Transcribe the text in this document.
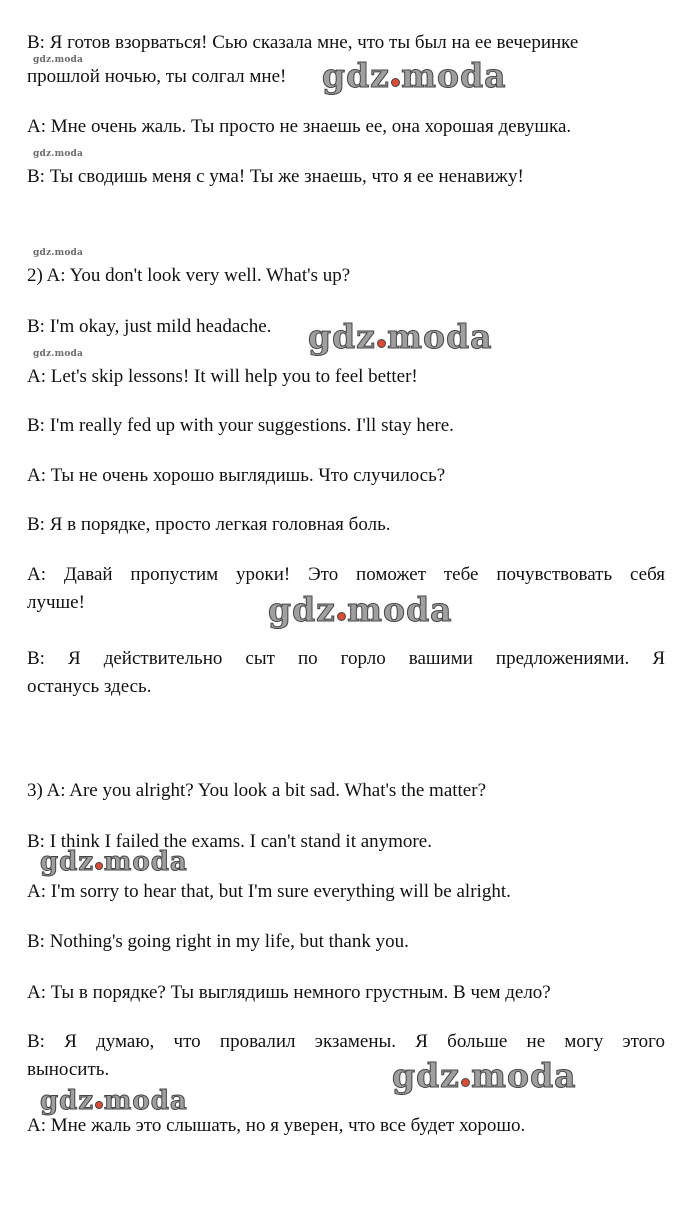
B: Я готов взорваться! Сью сказала мне, что ты был на ее вечеринке
gdz.moda
прошлой ночью, ты солгал мне! gdz moda
A: Мне очень жаль. Ты просто не знаешь ее, она хорошая девушка.
gdz.moda
B: Ты сводишь меня с ума! Ты же знаешь, что я ее ненавижу!
gdz.moda
2) A: You don't look very well. What's up?
B: I'm okay, just mild headache. gdz moda
gdz.moda
A: Let's skip lessons! It will help you to feel better!
B: I'm really fed up with your suggestions. I'll stay here.
A: Ты не очень хорошо выглядишь. Что случилось?
B: Я в порядке, просто легкая головная боль.
A: Давай пропустим уроки! Это поможет тебе почувствовать себя
лучше!	gdz moda
B: Я действительно сыт по горло вашими предложениями. Я
останусь здесь.
3) A: Are you alright? You look a bit sad. What's the matter?
B: I think I failed the exams. I can't stand it anymore.
gdz moda
A: I'm sorry to hear that, but I'm sure everything will be alright.
B: Nothing's going right in my life, but thank you.
A: Ты в порядке? Ты выглядишь немного грустным. В чем дело?
B: Я думаю, что провалил экзамены. Я больше не могу этого
выносить.	gdz moda
gdz moda
A: Мне жаль это слышать, но я уверен, что все будет хорошо.
